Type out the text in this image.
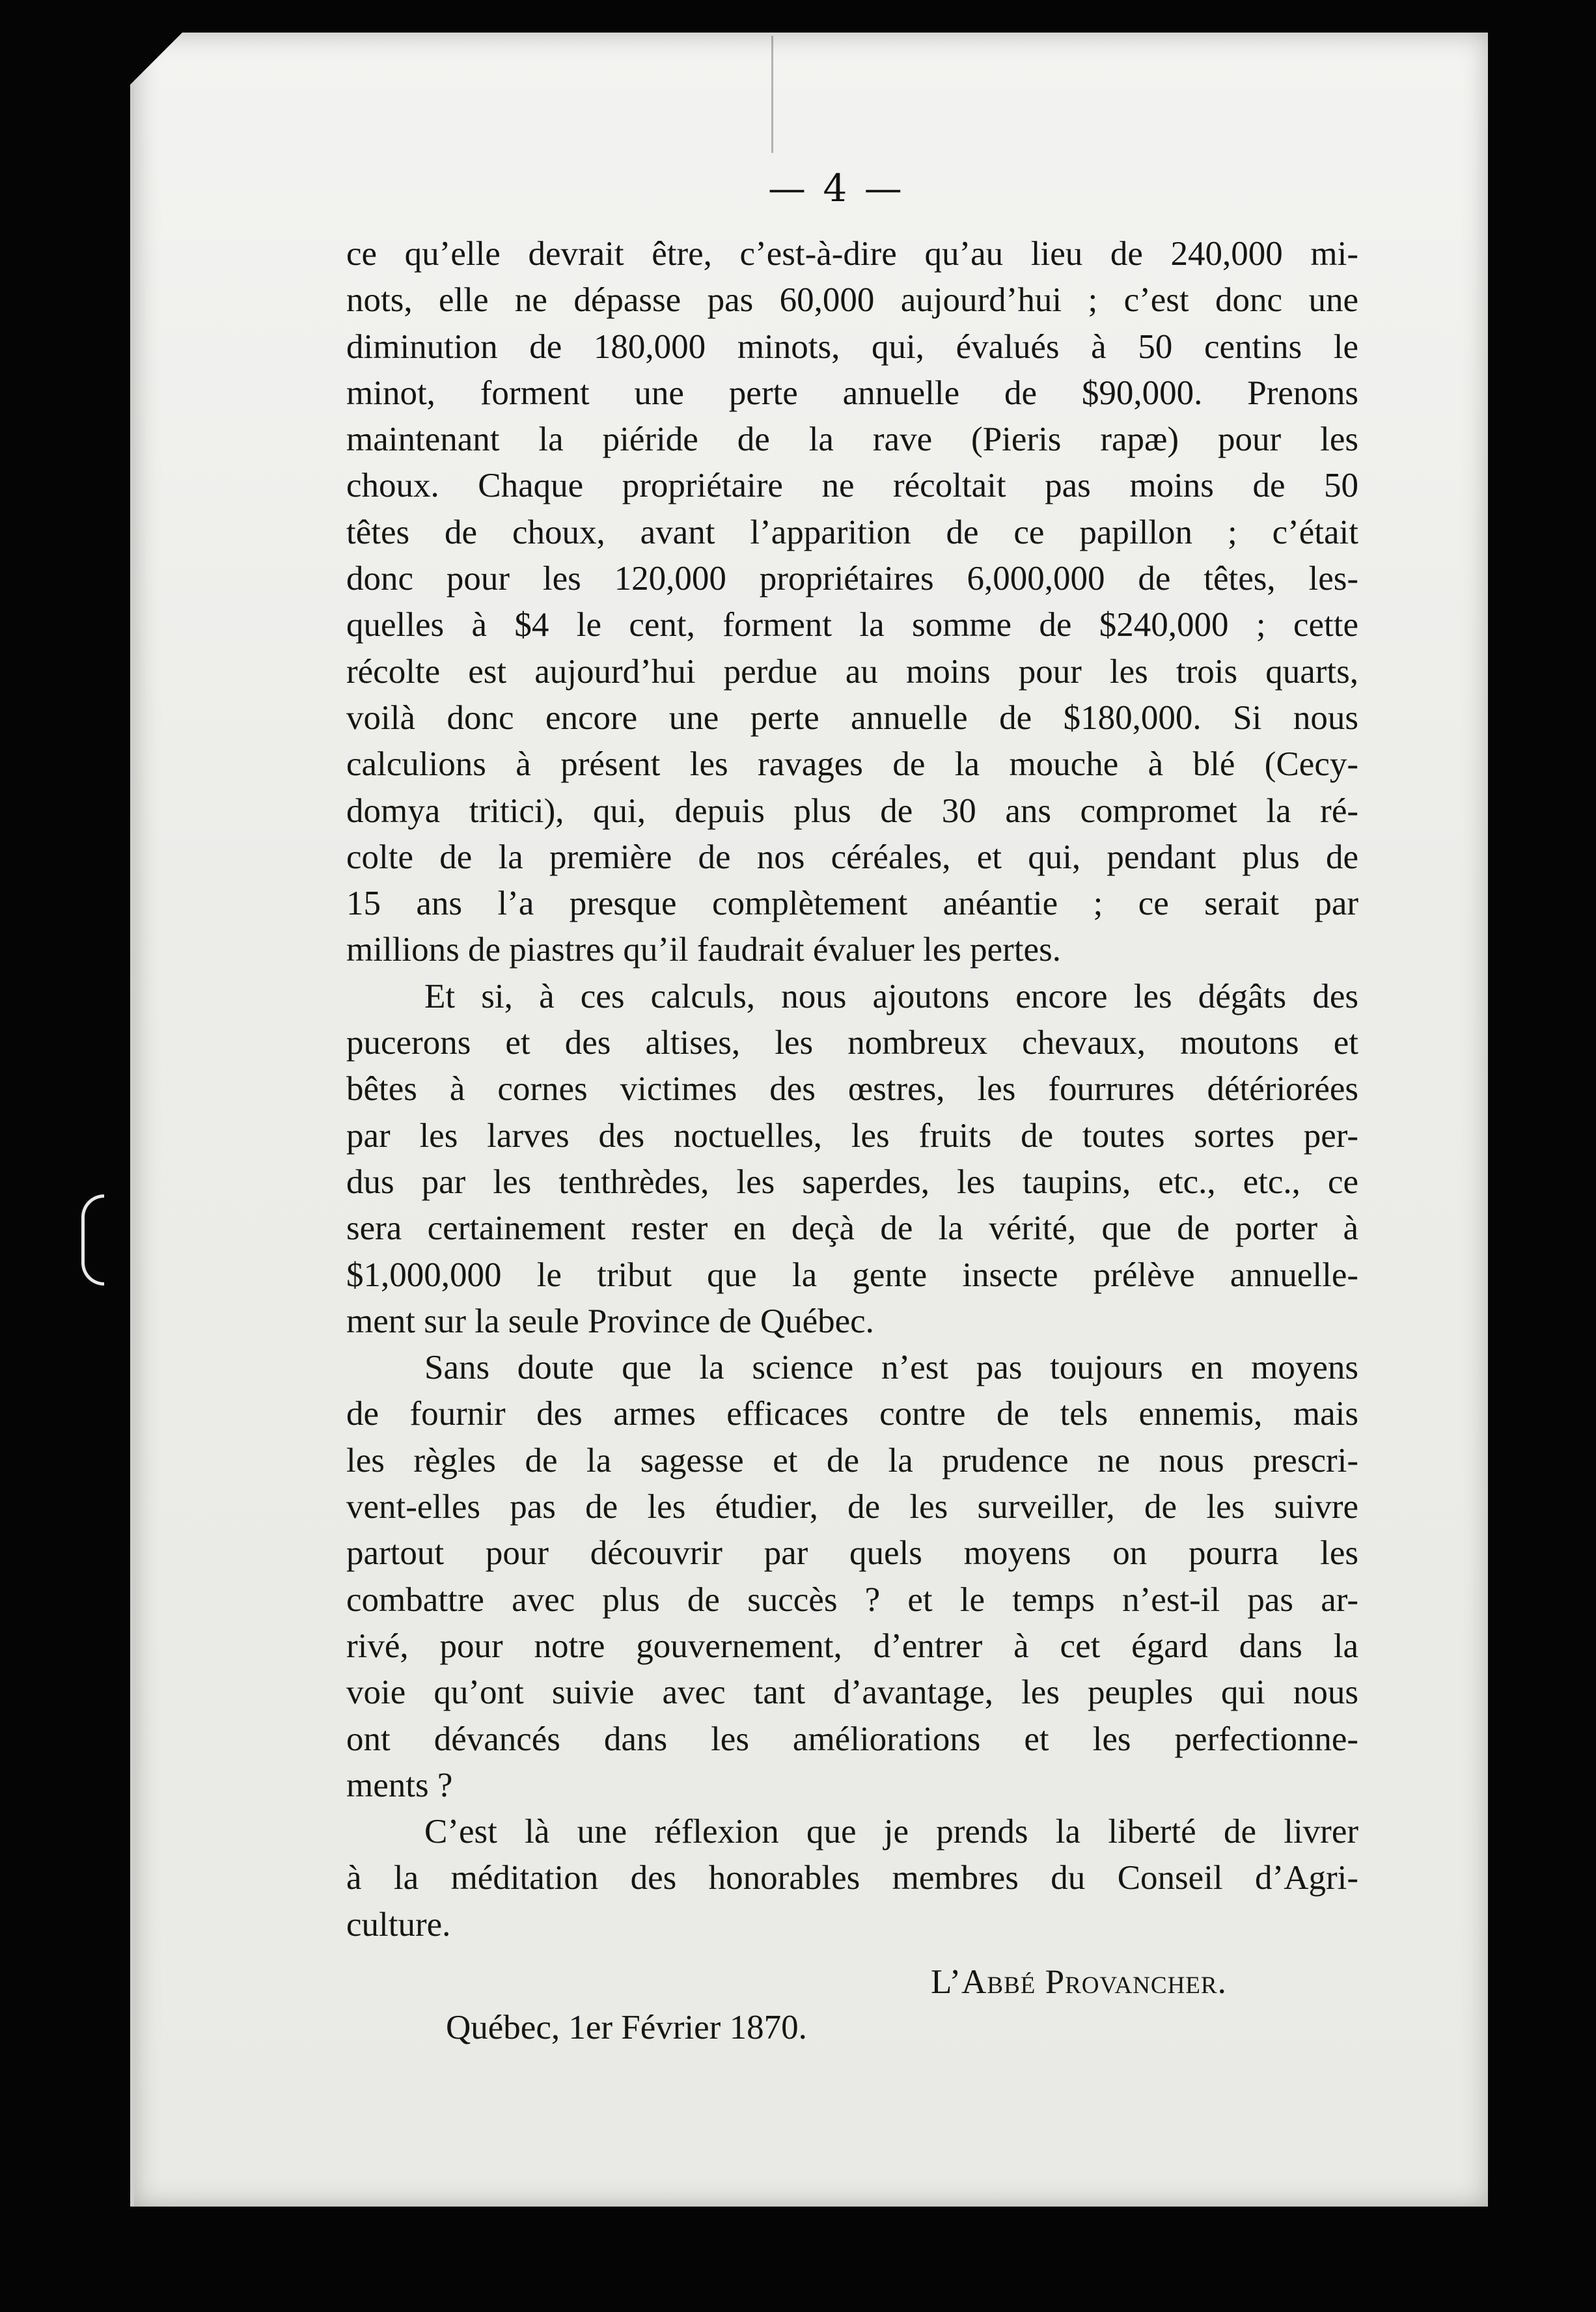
— 4 —
ce qu’elle devrait être, c’est-à-dire qu’au lieu de 240,000 mi-
nots, elle ne dépasse pas 60,000 aujourd’hui ; c’est donc une
diminution de 180,000 minots, qui, évalués à 50 centins le
minot, forment une perte annuelle de $90,000. Prenons
maintenant la piéride de la rave (Pieris rapæ) pour les
choux. Chaque propriétaire ne récoltait pas moins de 50
têtes de choux, avant l’apparition de ce papillon ; c’était
donc pour les 120,000 propriétaires 6,000,000 de têtes, les-
quelles à $4 le cent, forment la somme de $240,000 ; cette
récolte est aujourd’hui perdue au moins pour les trois quarts,
voilà donc encore une perte annuelle de $180,000. Si nous
calculions à présent les ravages de la mouche à blé (Cecy-
domya tritici), qui, depuis plus de 30 ans compromet la ré-
colte de la première de nos céréales, et qui, pendant plus de
15 ans l’a presque complètement anéantie ; ce serait par
millions de piastres qu’il faudrait évaluer les pertes.
Et si, à ces calculs, nous ajoutons encore les dégâts des
pucerons et des altises, les nombreux chevaux, moutons et
bêtes à cornes victimes des œstres, les fourrures détériorées
par les larves des noctuelles, les fruits de toutes sortes per-
dus par les tenthrèdes, les saperdes, les taupins, etc., etc., ce
sera certainement rester en deçà de la vérité, que de porter à
$1,000,000 le tribut que la gente insecte prélève annuelle-
ment sur la seule Province de Québec.
Sans doute que la science n’est pas toujours en moyens
de fournir des armes efficaces contre de tels ennemis, mais
les règles de la sagesse et de la prudence ne nous prescri-
vent-elles pas de les étudier, de les surveiller, de les suivre
partout pour découvrir par quels moyens on pourra les
combattre avec plus de succès ? et le temps n’est-il pas ar-
rivé, pour notre gouvernement, d’entrer à cet égard dans la
voie qu’ont suivie avec tant d’avantage, les peuples qui nous
ont dévancés dans les améliorations et les perfectionne-
ments ?
C’est là une réflexion que je prends la liberté de livrer
à la méditation des honorables membres du Conseil d’Agri-
culture.
L’Abbé Provancher.
Québec, 1er Février 1870.
